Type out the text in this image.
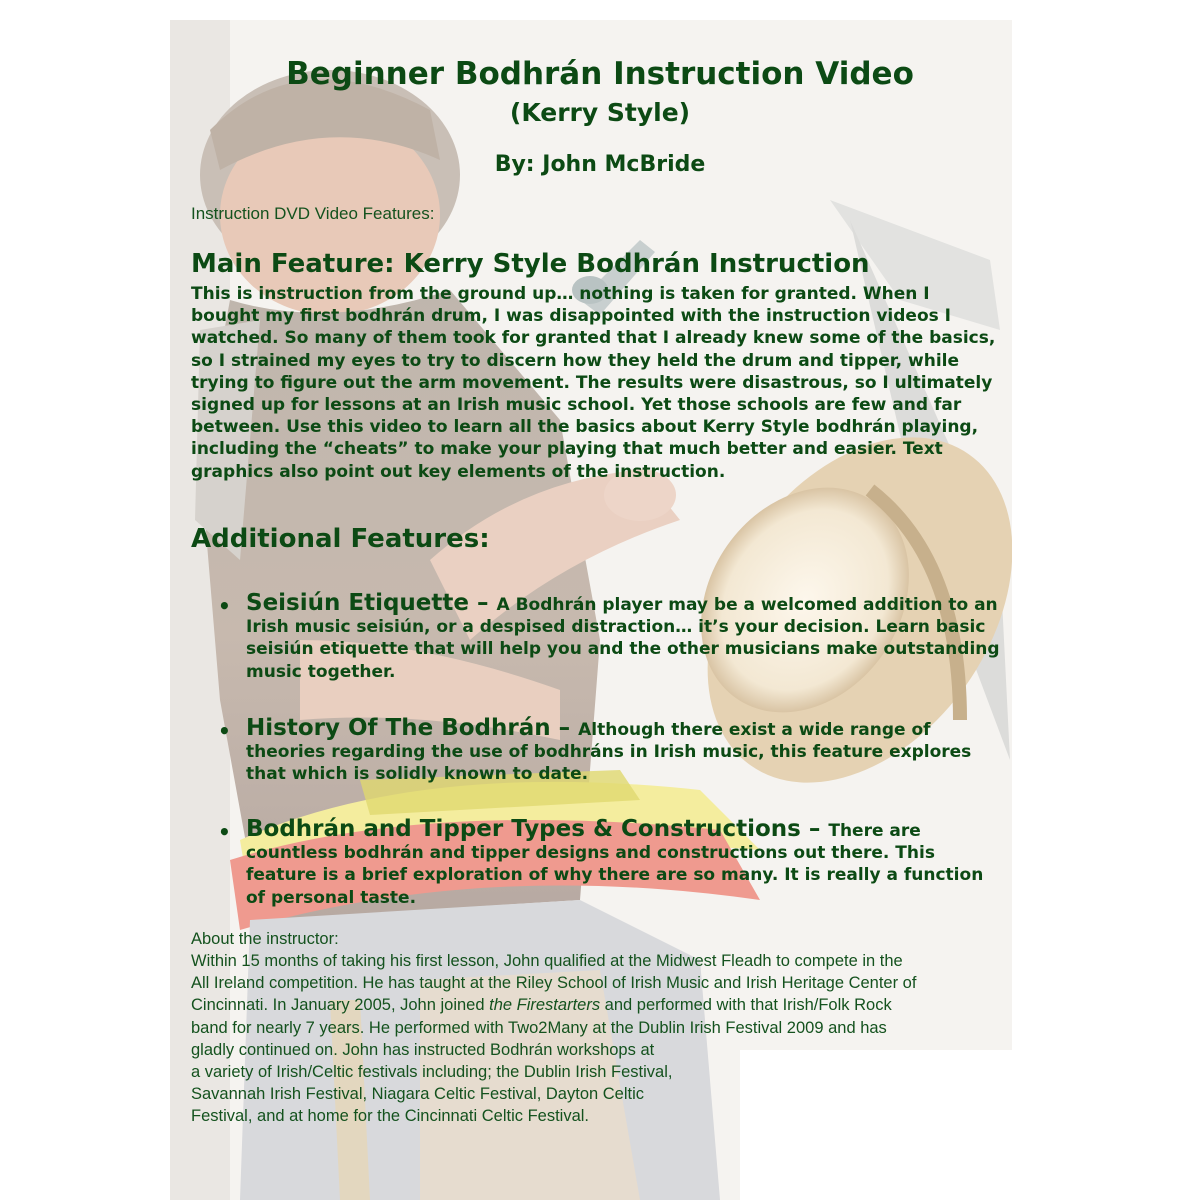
Beginner Bodhrán Instruction Video
(Kerry Style)
By: John McBride
Instruction DVD Video Features:
Main Feature: Kerry Style Bodhrán Instruction
This is instruction from the ground up… nothing is taken for granted. When I bought my first bodhrán drum, I was disappointed with the instruction videos I watched. So many of them took for granted that I already knew some of the basics, so I strained my eyes to try to discern how they held the drum and tipper, while trying to figure out the arm movement. The results were disastrous, so I ultimately signed up for lessons at an Irish music school. Yet those schools are few and far between. Use this video to learn all the basics about Kerry Style bodhrán playing, including the “cheats” to make your playing that much better and easier. Text graphics also point out key elements of the instruction.
Additional Features:
• Seisiún Etiquette – A Bodhrán player may be a welcomed addition to an Irish music seisiún, or a despised distraction… it’s your decision. Learn basic seisiún etiquette that will help you and the other musicians make outstanding music together.
• History Of The Bodhrán – Although there exist a wide range of theories regarding the use of bodhráns in Irish music, this feature explores that which is solidly known to date.
• Bodhrán and Tipper Types & Constructions – There are countless bodhrán and tipper designs and constructions out there. This feature is a brief exploration of why there are so many. It is really a function of personal taste.
About the instructor:
Within 15 months of taking his first lesson, John qualified at the Midwest Fleadh to compete in the
All Ireland competition. He has taught at the Riley School of Irish Music and Irish Heritage Center of
Cincinnati. In January 2005, John joined the Firestarters and performed with that Irish/Folk Rock
band for nearly 7 years. He performed with Two2Many at the Dublin Irish Festival 2009 and has
gladly continued on. John has instructed Bodhrán workshops at
a variety of Irish/Celtic festivals including; the Dublin Irish Festival,
Savannah Irish Festival, Niagara Celtic Festival, Dayton Celtic
Festival, and at home for the Cincinnati Celtic Festival.
